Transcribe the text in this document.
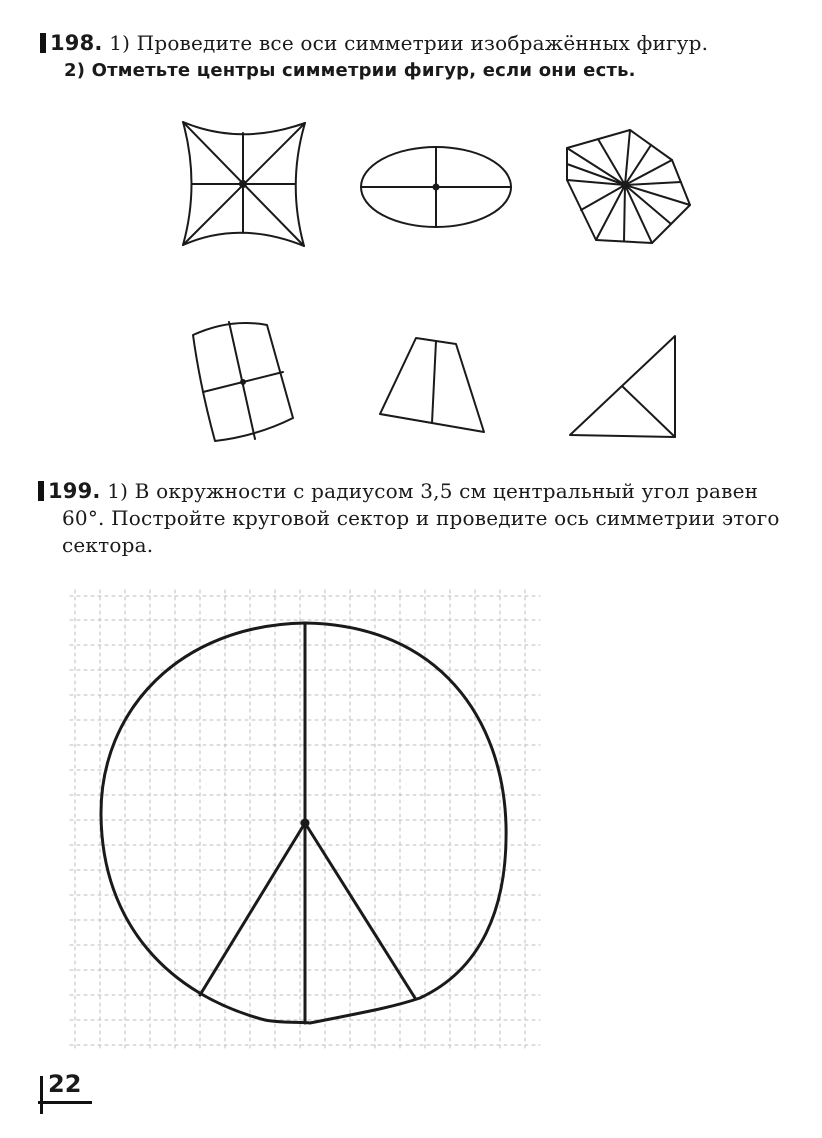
198. 1) Проведите все оси симметрии изображённых фигур.
2) Отметьте центры симметрии фигур, если они есть.
199. 1) В окружности с радиусом 3,5 см центральный угол равен
60°. Постройте круговой сектор и проведите ось симметрии этого
сектора.
22
